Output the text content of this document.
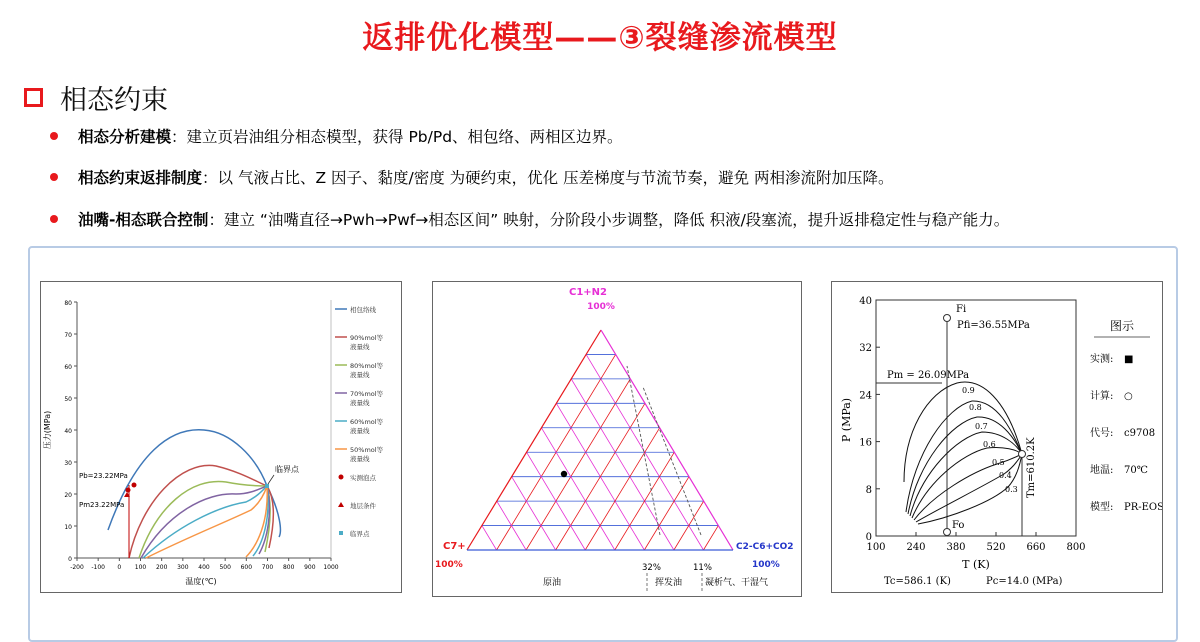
返排优化模型——③裂缝渗流模型
相态约束
相态分析建模 ： 建立页岩油组分相态模型，获得 Pb/Pd、相包络、两相区边界。
相态约束返排制度 ： 以 气液占比、Z 因子、黏度/密度 为硬约束，优化 压差梯度与节流节奏，避免 两相渗流附加压降。
油嘴-相态联合控制 ： 建立 “油嘴直径→Pwh→Pwf→相态区间” 映射，分阶段小步调整，降低 积液/段塞流，提升返排稳定性与稳产能力。
0
10
20
30
40
50
60
70
80
-200 -100 0 100 200 300 400 500 600 700 800 900 1000
压力(MPa)
温度(℃)
Pb=23.22MPa
Pm23.22MPa
临界点
相包络线
90%mol等
液量线
80%mol等
液量线
70%mol等
液量线
60%mol等
液量线
50%mol等
液量线
实测泡点
地层条件
临界点
C1+N2
100%
C7+
100%
C2-C6+CO2
100%
32%	11%
原油	挥发油	凝析气、干湿气
0
8
16
24
32
40
100 240 380 520 660 800
P (MPa)
T (K)
0.9
0.8
0.7
0.6
0.5
0.4
0.3
Fi
Pfi=36.55MPa
Fo
Pm = 26.09MPa
Tm=610.2K
Tc=586.1 (K)	Pc=14.0 (MPa)
图示
实测: ■
计算: ○
代号: c9708
地温: 70℃
模型: PR-EOS
